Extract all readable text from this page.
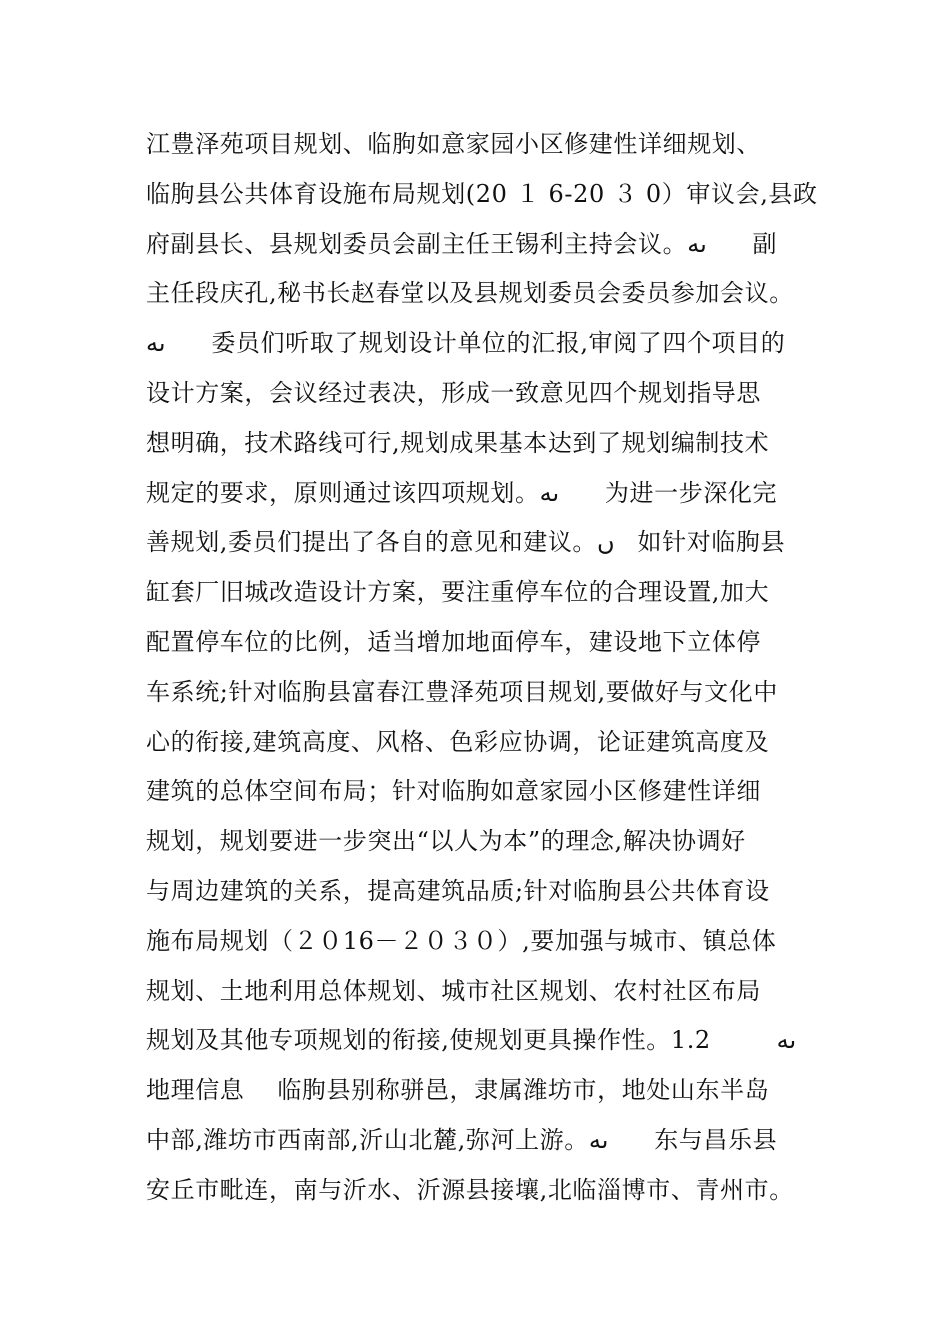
江豊泽苑项目规划、临朐如意家园小区修建性详细规划、
临朐县公共体育设施布局规划(20 １ 6-20 ３ 0）审议会,县政
府副县长、县规划委员会副主任王锡利主持会议。ںه      副
主任段庆孔,秘书长赵春堂以及县规划委员会委员参加会议。
ںه      委员们听取了规划设计单位的汇报,审阅了四个项目的
设计方案，会议经过表决，形成一致意见四个规划指导思
想明确，技术路线可行,规划成果基本达到了规划编制技术
规定的要求，原则通过该四项规划。ںه      为进一步深化完
善规划,委员们提出了各自的意见和建议。ں   如针对临朐县
缸套厂旧城改造设计方案，要注重停车位的合理设置,加大
配置停车位的比例，适当增加地面停车，建设地下立体停
车系统;针对临朐县富春江豊泽苑项目规划,要做好与文化中
心的衔接,建筑高度、风格、色彩应协调，论证建筑高度及
建筑的总体空间布局；针对临朐如意家园小区修建性详细
规划，规划要进一步突出“以人为本”的理念,解决协调好
与周边建筑的关系，提高建筑品质;针对临朐县公共体育设
施布局规划（２０16－２０３０）,要加强与城市、镇总体
规划、土地利用总体规划、城市社区规划、农村社区布局
规划及其他专项规划的衔接,使规划更具操作性。1.2        ںه
地理信息    临朐县别称骈邑，隶属潍坊市，地处山东半岛
中部,潍坊市西南部,沂山北麓,弥河上游。ںه      东与昌乐县
安丘市毗连，南与沂水、沂源县接壤,北临淄博市、青州市。
